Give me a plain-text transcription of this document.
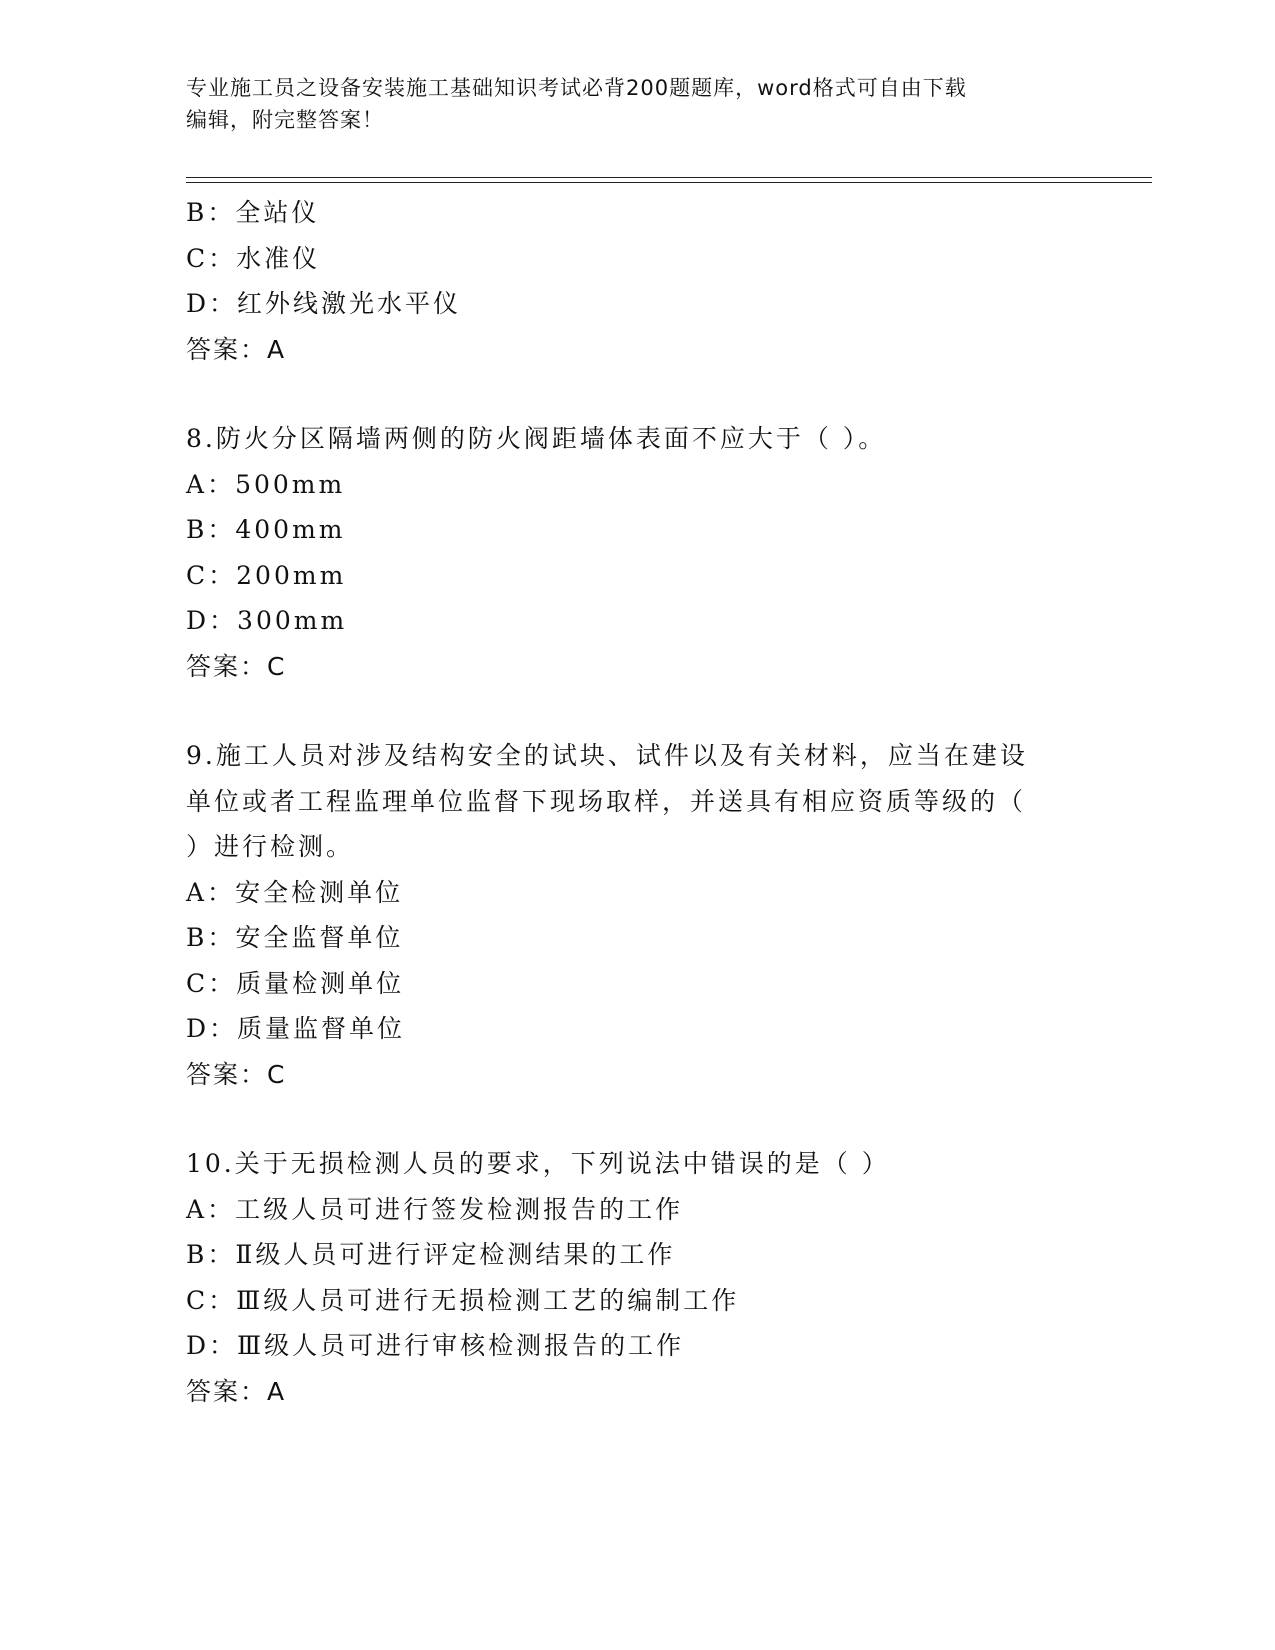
专业施工员之设备安装施工基础知识考试必背200题题库，word格式可自由下载
编辑，附完整答案！
B：全站仪
C：水准仪
D：红外线激光水平仪
答案：A
8.防火分区隔墙两侧的防火阀距墙体表面不应大于（ ）。
A：500mm
B：400mm
C：200mm
D：300mm
答案：C
9.施工人员对涉及结构安全的试块、试件以及有关材料，应当在建设
单位或者工程监理单位监督下现场取样，并送具有相应资质等级的（
）进行检测。
A：安全检测单位
B：安全监督单位
C：质量检测单位
D：质量监督单位
答案：C
10.关于无损检测人员的要求，下列说法中错误的是（ ）
A：工级人员可进行签发检测报告的工作
B：Ⅱ级人员可进行评定检测结果的工作
C：Ⅲ级人员可进行无损检测工艺的编制工作
D：Ⅲ级人员可进行审核检测报告的工作
答案：A
